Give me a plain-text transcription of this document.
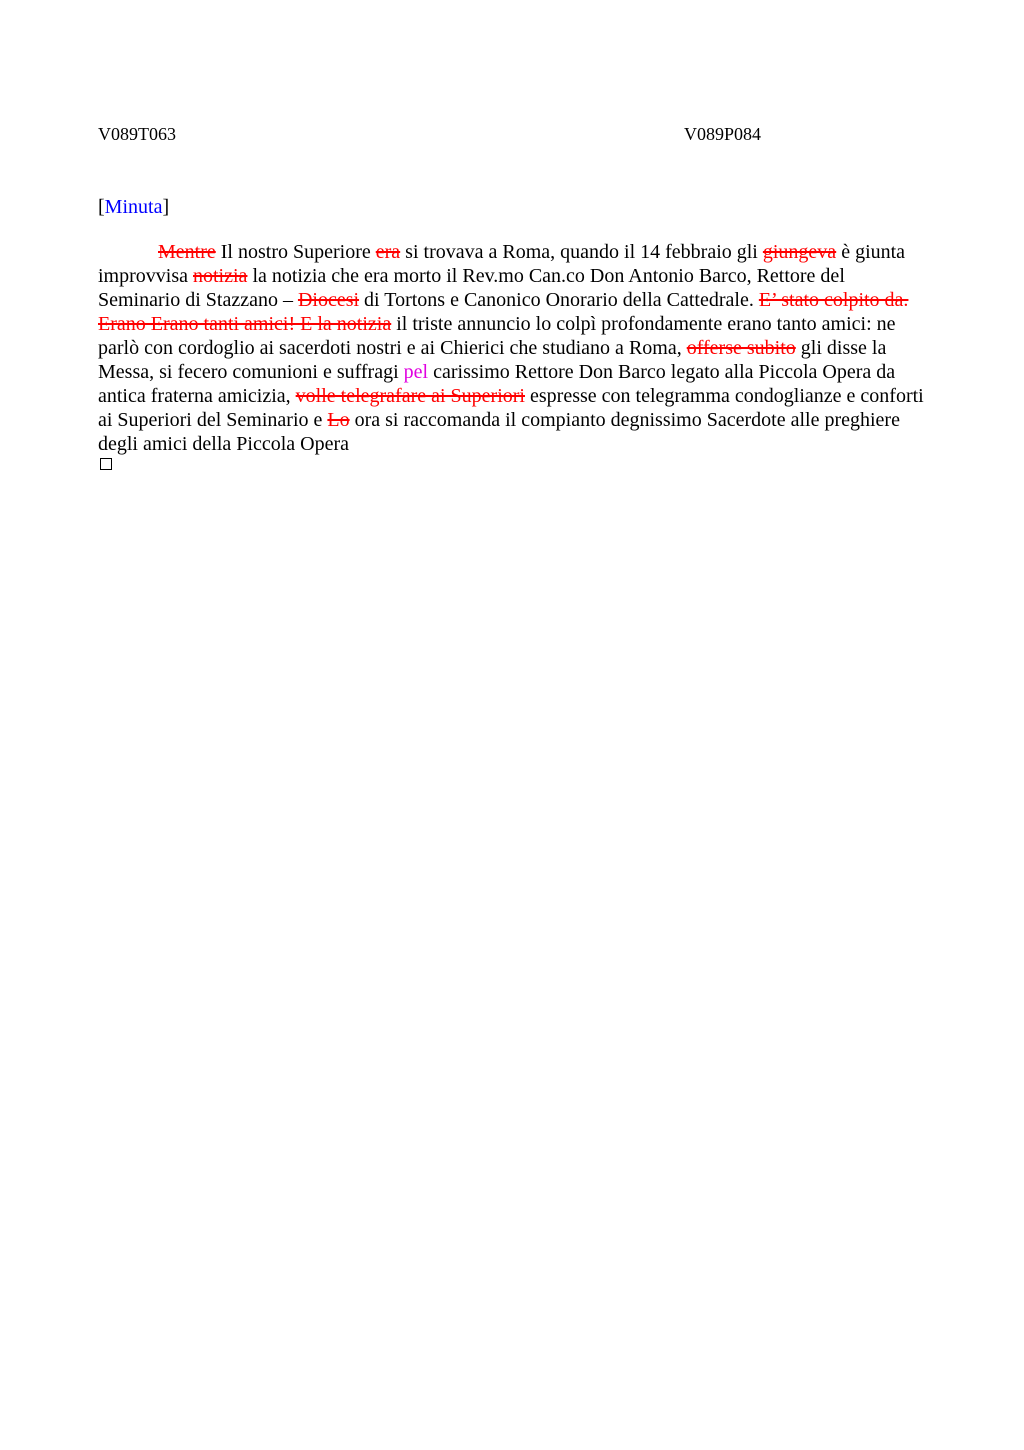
V089T063	V089P084
[Minuta]

Mentre Il nostro Superiore era si trovava a Roma, quando il 14 febbraio gli giungeva è giunta improvvisa notizia la notizia che era morto il Rev.mo Can.co Don Antonio Barco, Rettore del Seminario di Stazzano – Diocesi di Tortons e Canonico Onorario della Cattedrale. E’ stato colpito da. Erano Erano tanti amici! E la notizia il triste annuncio lo colpì profondamente erano tanto amici: ne parlò con cordoglio ai sacerdoti nostri e ai Chierici che studiano a Roma, offerse subito gli disse la Messa, si fecero comunioni e suffragi pel carissimo Rettore Don Barco legato alla Piccola Opera da antica fraterna amicizia, volle telegrafare ai Superiori espresse con telegramma condoglianze e conforti ai Superiori del Seminario e Lo ora si raccomanda il compianto degnissimo Sacerdote alle preghiere degli amici della Piccola Opera
